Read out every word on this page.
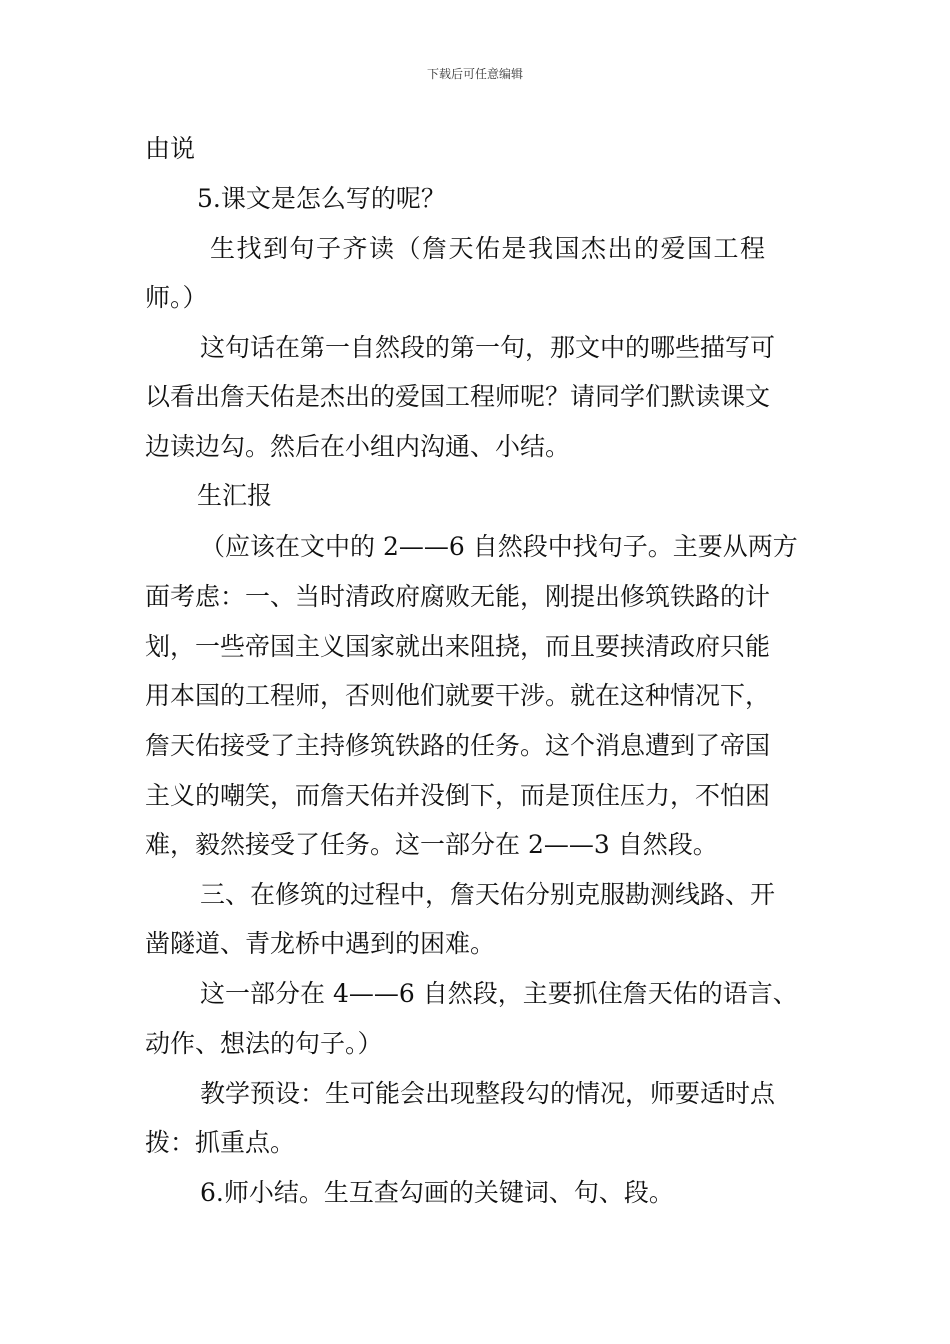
下载后可任意编辑
由说
5.课文是怎么写的呢？
生找到句子齐读（詹天佑是我国杰出的爱国工程
师。）
这句话在第一自然段的第一句，那文中的哪些描写可
以看出詹天佑是杰出的爱国工程师呢？请同学们默读课文
边读边勾。然后在小组内沟通、小结。
生汇报
（应该在文中的 2——6 自然段中找句子。主要从两方
面考虑：一、当时清政府腐败无能，刚提出修筑铁路的计
划，一些帝国主义国家就出来阻挠，而且要挟清政府只能
用本国的工程师，否则他们就要干涉。就在这种情况下，
詹天佑接受了主持修筑铁路的任务。这个消息遭到了帝国
主义的嘲笑，而詹天佑并没倒下，而是顶住压力，不怕困
难，毅然接受了任务。这一部分在 2——3 自然段。
三、在修筑的过程中，詹天佑分别克服勘测线路、开
凿隧道、青龙桥中遇到的困难。
这一部分在 4——6 自然段，主要抓住詹天佑的语言、
动作、想法的句子。）
教学预设：生可能会出现整段勾的情况，师要适时点
拨：抓重点。
6.师小结。生互查勾画的关键词、句、段。
